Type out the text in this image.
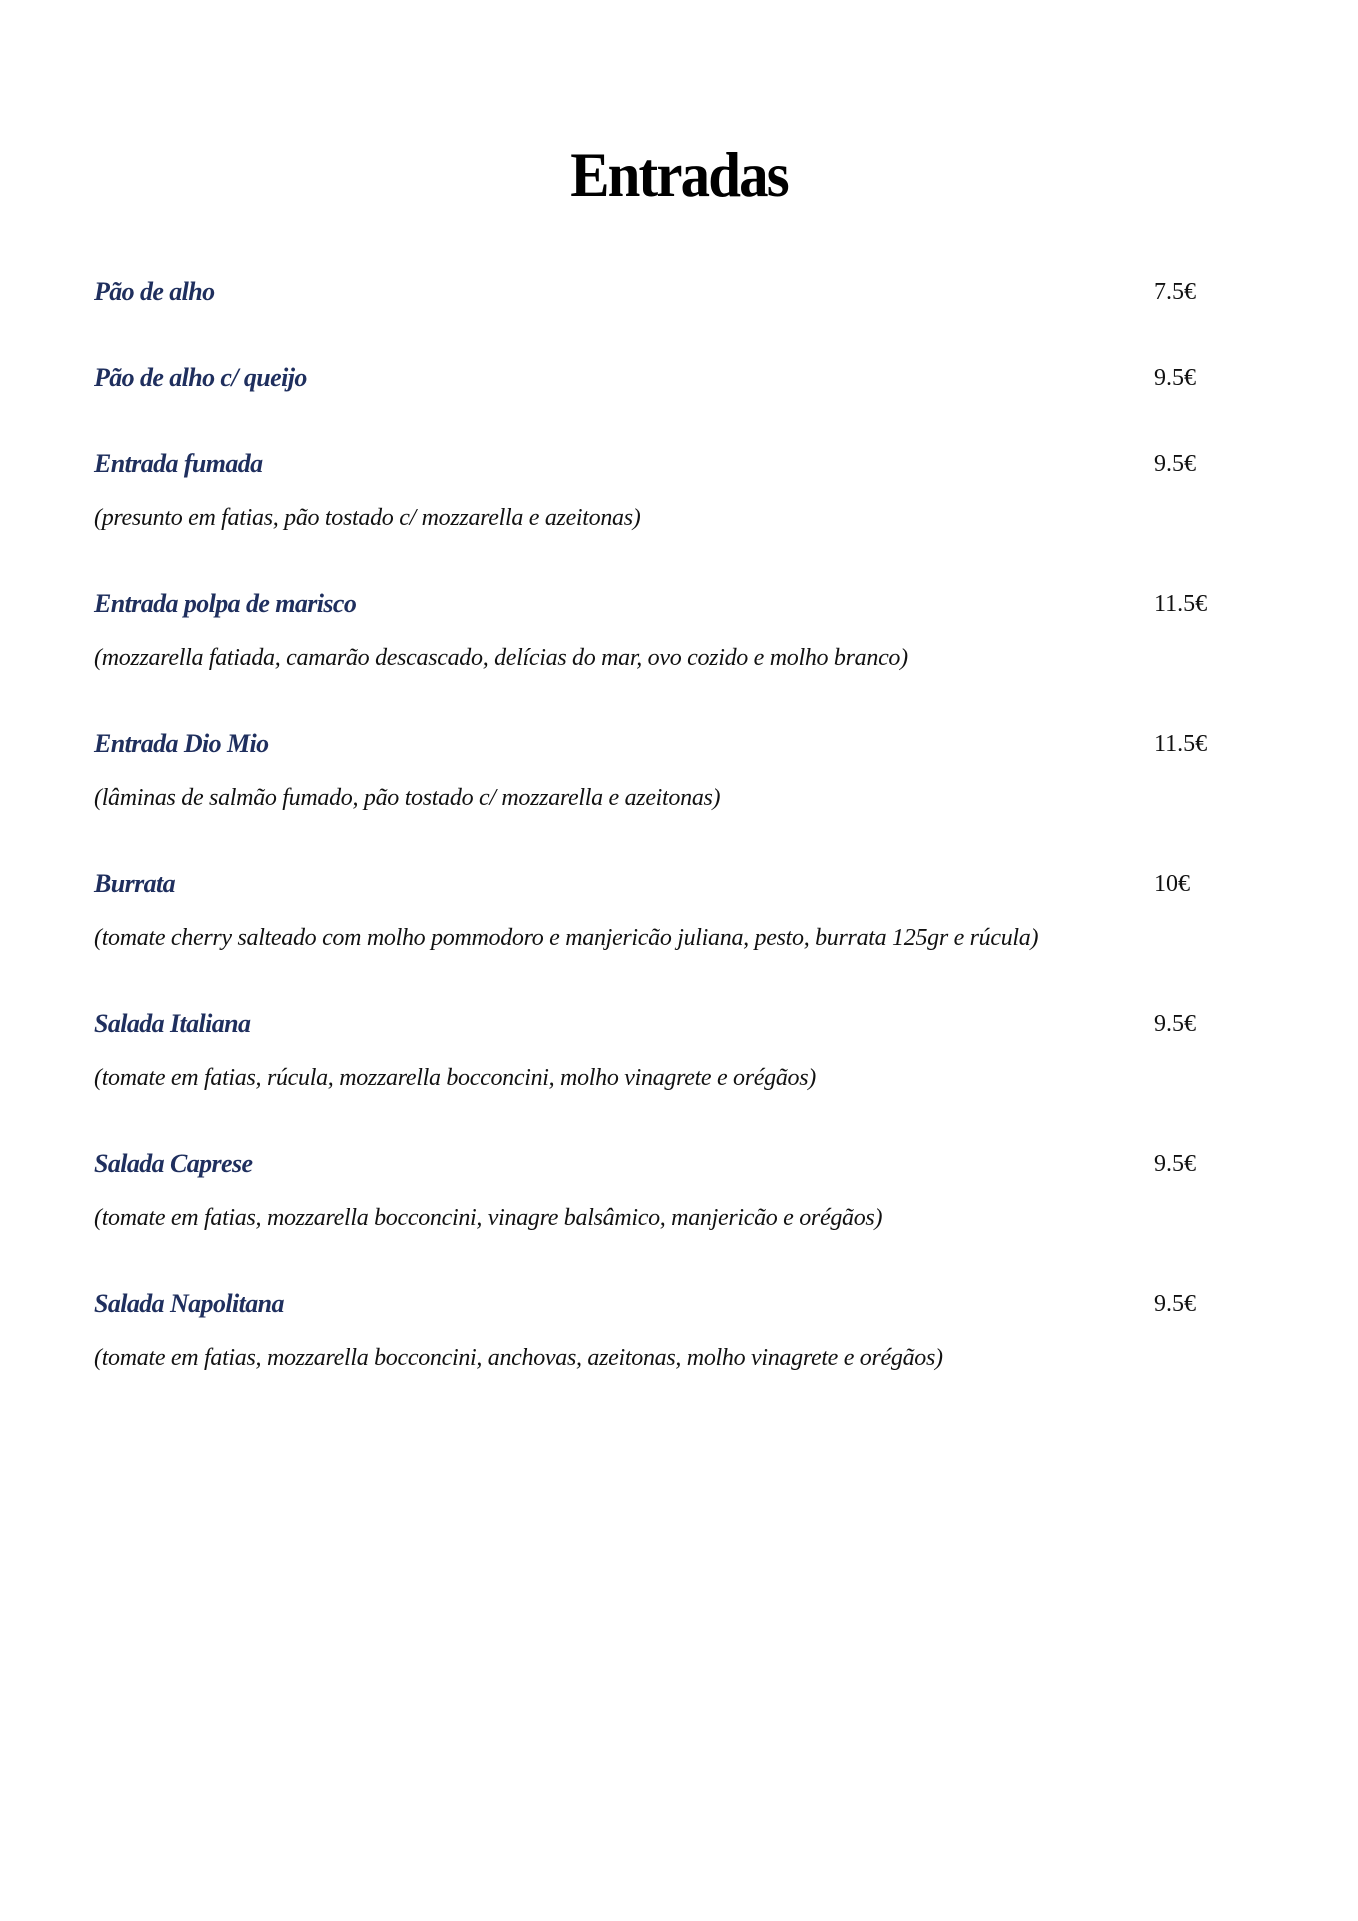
Entradas
Pão de alho	7.5€
Pão de alho c/ queijo	9.5€
Entrada fumada	9.5€
(presunto em fatias, pão tostado c/ mozzarella e azeitonas)
Entrada polpa de marisco	11.5€
(mozzarella fatiada, camarão descascado, delícias do mar, ovo cozido e molho branco)
Entrada Dio Mio	11.5€
(lâminas de salmão fumado, pão tostado c/ mozzarella e azeitonas)
Burrata	10€
(tomate cherry salteado com molho pommodoro e manjericão juliana, pesto, burrata 125gr e rúcula)
Salada Italiana	9.5€
(tomate em fatias, rúcula, mozzarella bocconcini, molho vinagrete e orégãos)
Salada Caprese	9.5€
(tomate em fatias, mozzarella bocconcini, vinagre balsâmico, manjericão e orégãos)
Salada Napolitana	9.5€
(tomate em fatias, mozzarella bocconcini, anchovas, azeitonas, molho vinagrete e orégãos)
